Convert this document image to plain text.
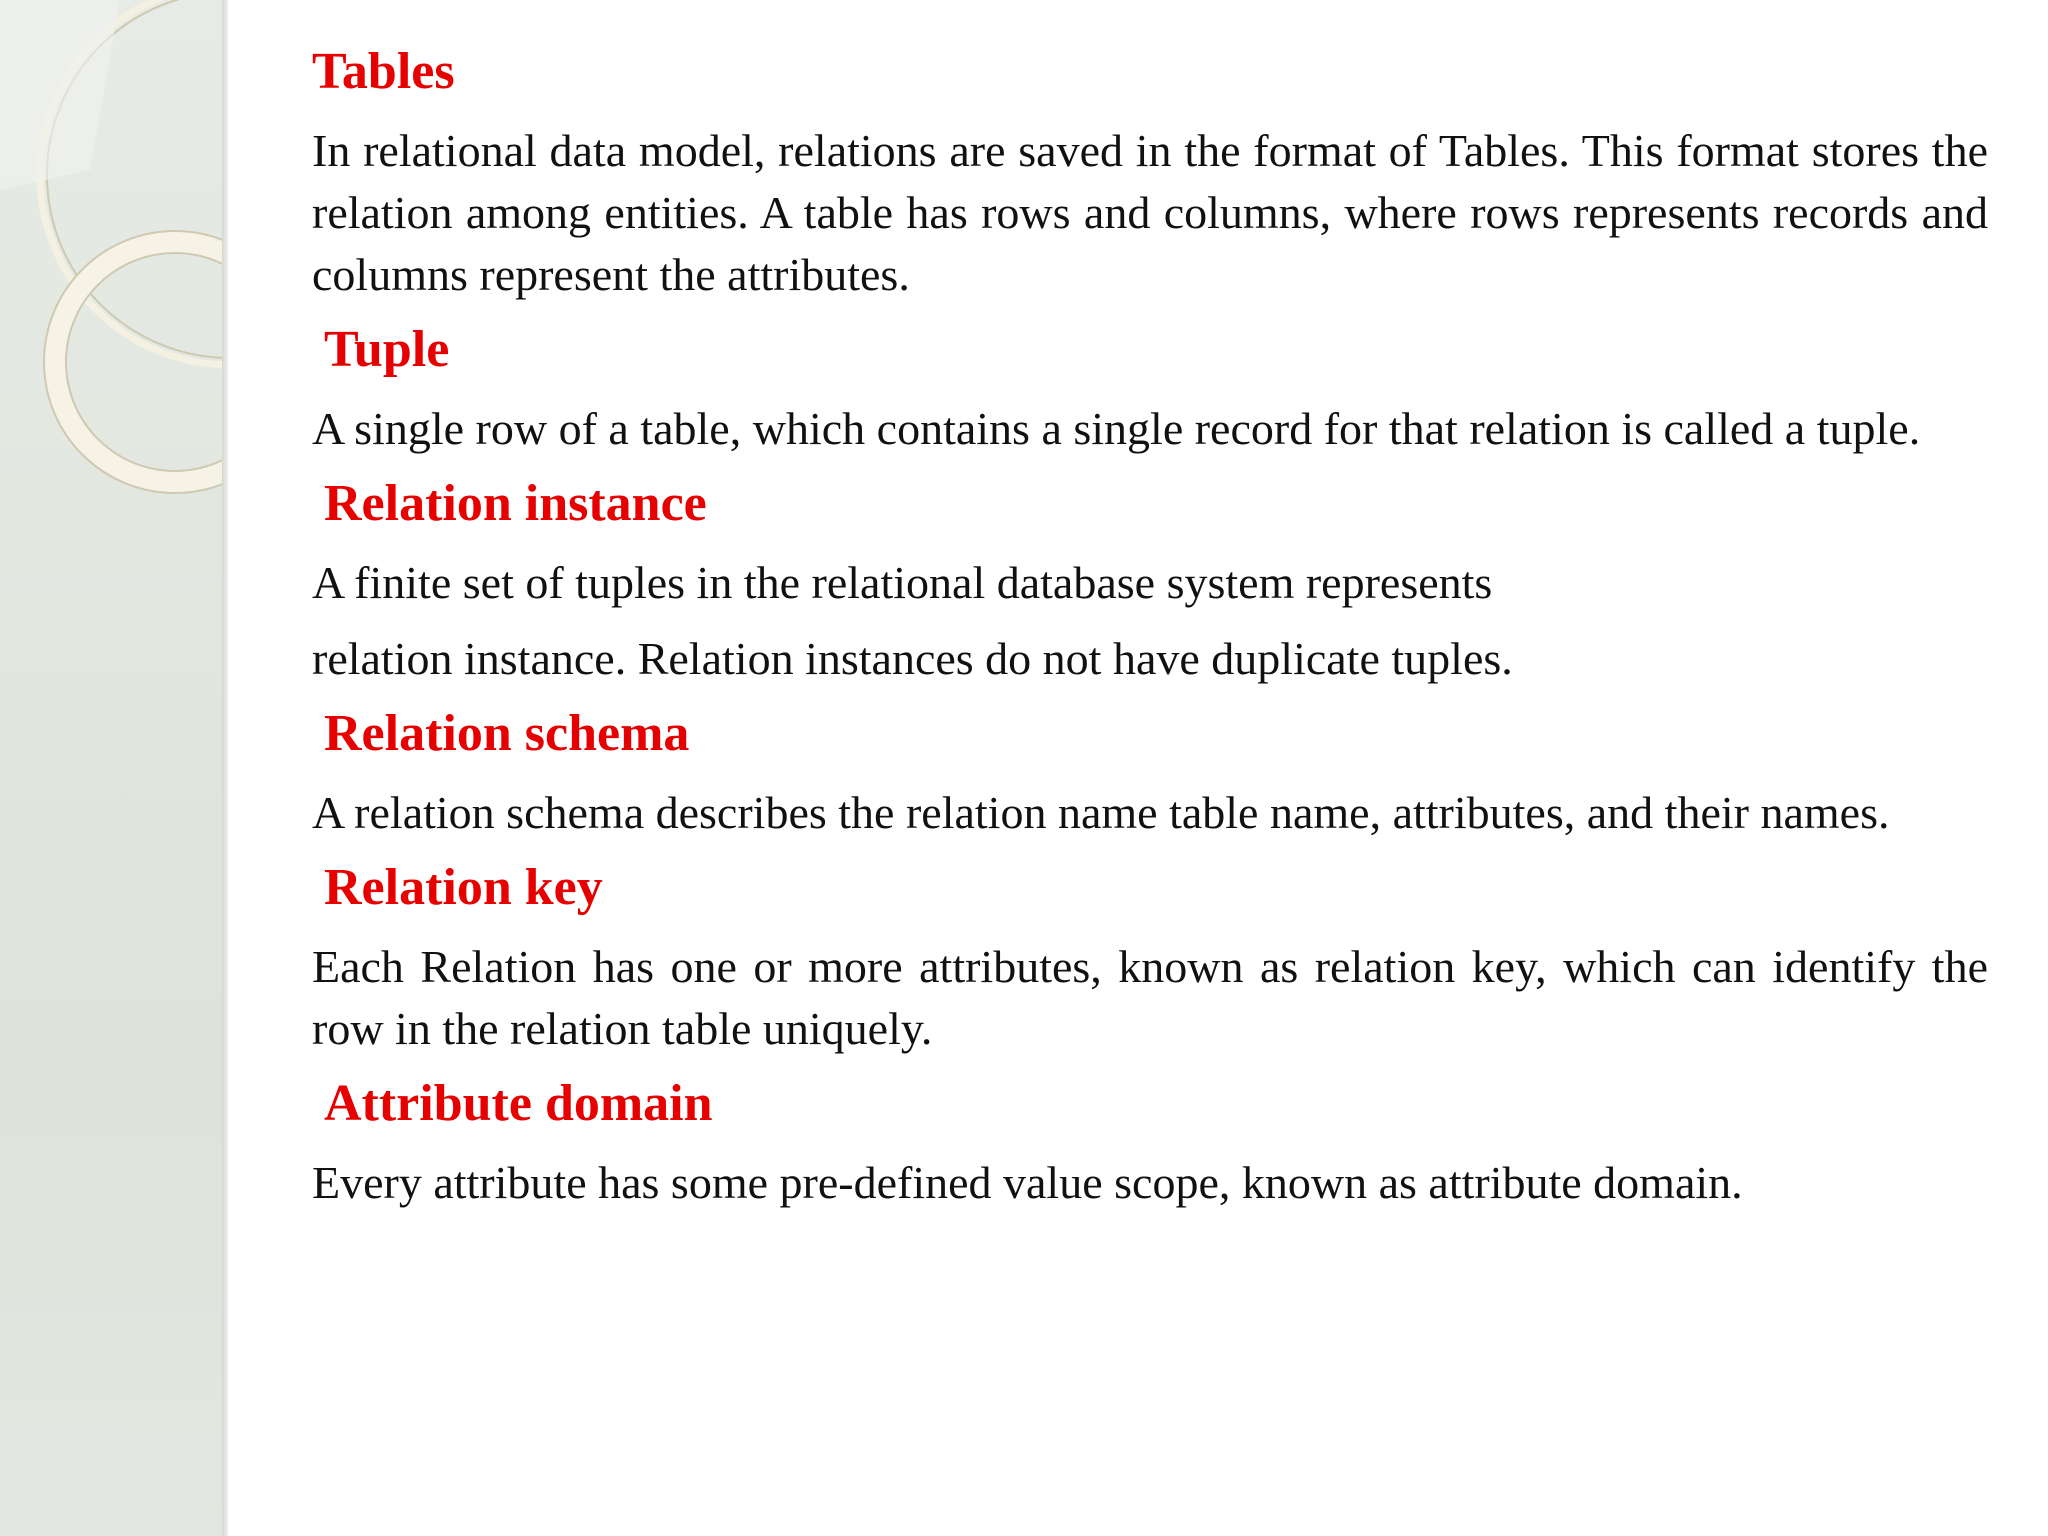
Tables

In relational data model, relations are saved in the format of Tables. This format stores the relation among entities. A table has rows and columns, where rows represents records and columns represent the attributes.

Tuple

A single row of a table, which contains a single record for that relation is called a tuple.

Relation instance

A finite set of tuples in the relational database system represents

relation instance. Relation instances do not have duplicate tuples.

Relation schema

A relation schema describes the relation name table name, attributes, and their names.

Relation key

Each Relation has one or more attributes, known as relation key, which can identify the row in the relation table uniquely.

Attribute domain

Every attribute has some pre-defined value scope, known as attribute domain.
